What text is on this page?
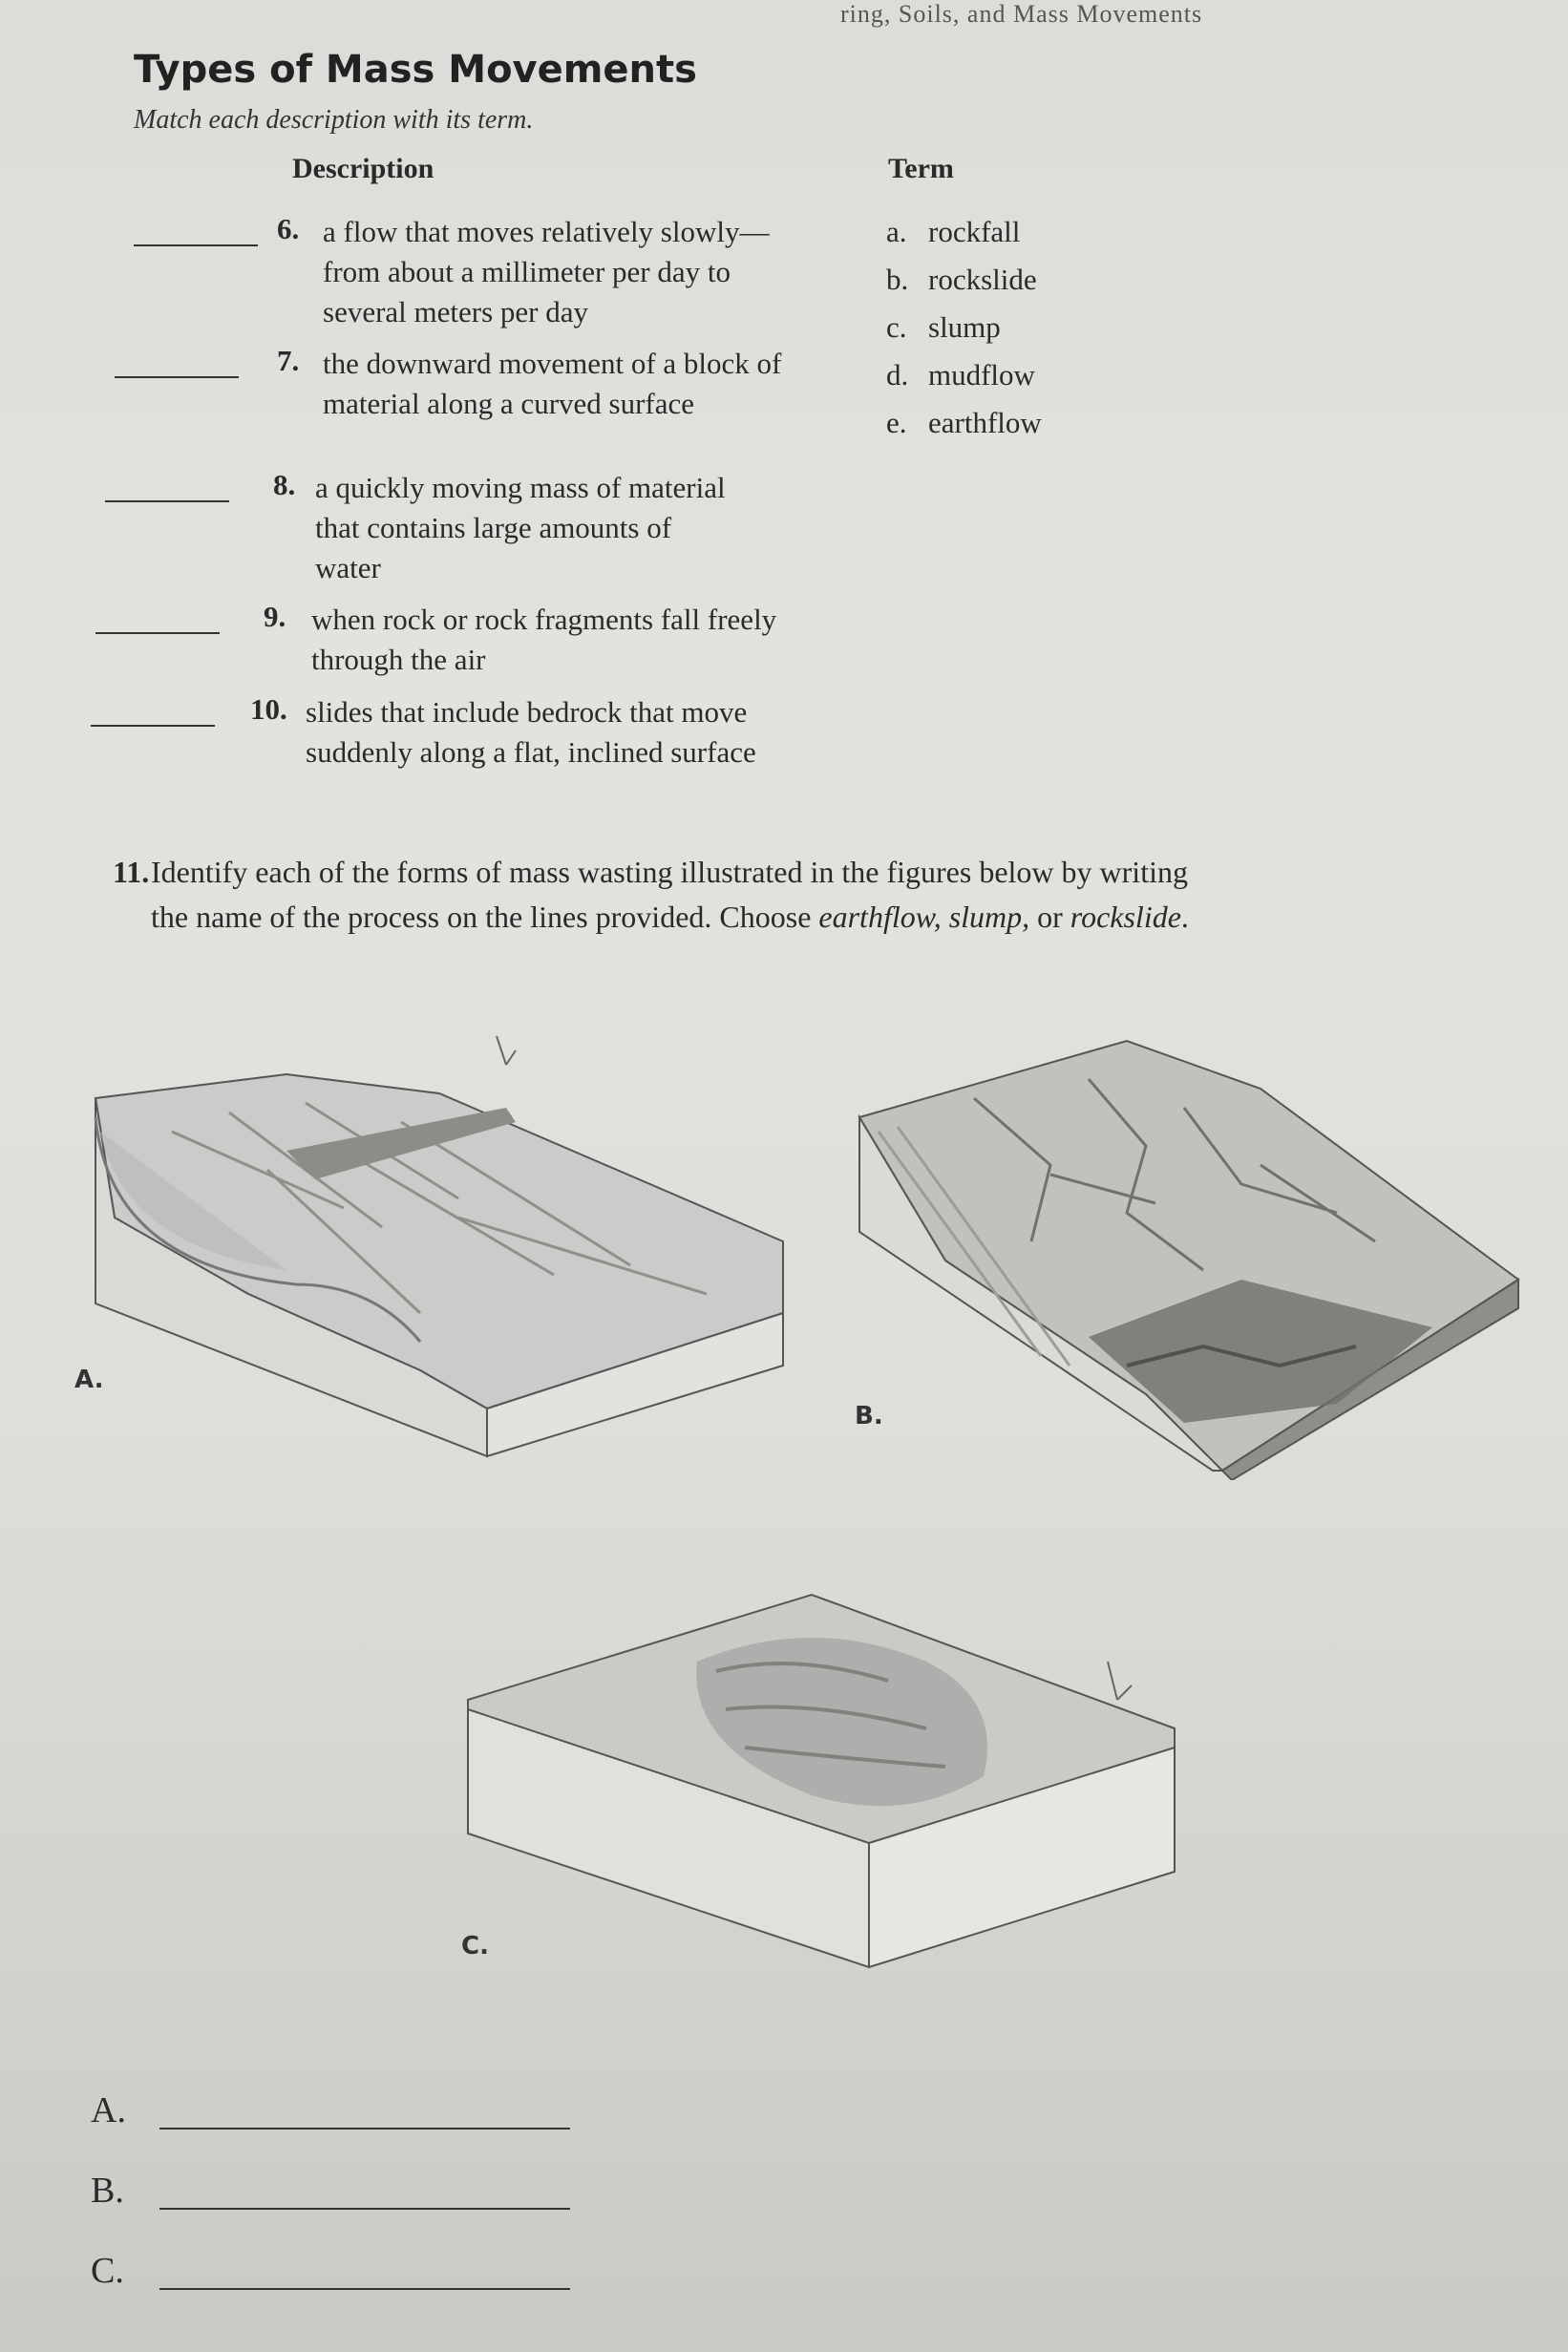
ring, Soils, and Mass Movements
Types of Mass Movements
Match each description with its term.
Description	Term
6. a flow that moves relatively slowly—from about a millimeter per day to several meters per day
7. the downward movement of a block of material along a curved surface
8. a quickly moving mass of material that contains large amounts of water
9. when rock or rock fragments fall freely through the air
10. slides that include bedrock that move suddenly along a flat, inclined surface
a. rockfall
b. rockslide
c. slump
d. mudflow
e. earthflow
11. Identify each of the forms of mass wasting illustrated in the figures below by writing the name of the process on the lines provided. Choose earthflow, slump, or rockslide.
A.
B.
C.
A.
B.
C.
